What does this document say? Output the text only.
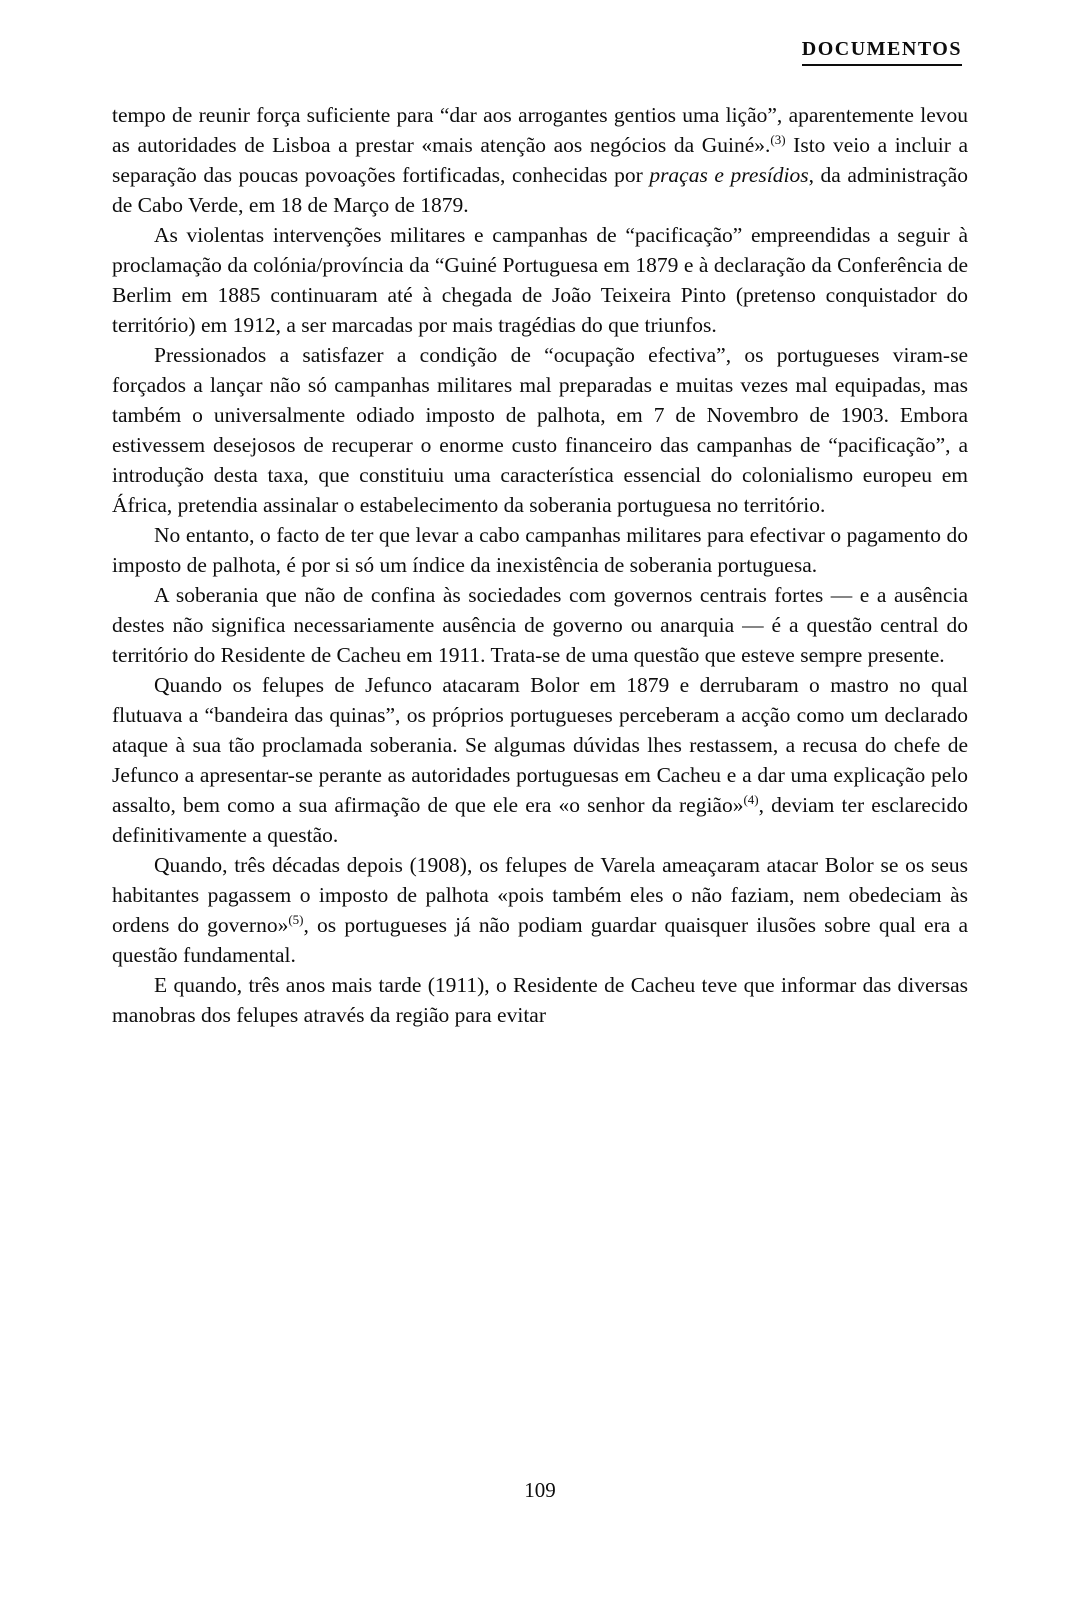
DOCUMENTOS

tempo de reunir força suficiente para “dar aos arrogantes gentios uma lição”, aparentemente levou as autoridades de Lisboa a prestar «mais atenção aos negócios da Guiné».$^{(3)}$ Isto veio a incluir a separação das poucas povoações fortificadas, conhecidas por praças e presídios, da administração de Cabo Verde, em 18 de Março de 1879.

As violentas intervenções militares e campanhas de “pacificação” empreendidas a seguir à proclamação da colónia/província da “Guiné Portuguesa em 1879 e à declaração da Conferência de Berlim em 1885 continuaram até à chegada de João Teixeira Pinto (pretenso conquistador do território) em 1912, a ser marcadas por mais tragédias do que triunfos.

Pressionados a satisfazer a condição de “ocupação efectiva”, os portugueses viram-se forçados a lançar não só campanhas militares mal preparadas e muitas vezes mal equipadas, mas também o universalmente odiado imposto de palhota, em 7 de Novembro de 1903. Embora estivessem desejosos de recuperar o enorme custo financeiro das campanhas de “pacificação”, a introdução desta taxa, que constituiu uma característica essencial do colonialismo europeu em África, pretendia assinalar o estabelecimento da soberania portuguesa no território.

No entanto, o facto de ter que levar a cabo campanhas militares para efectivar o pagamento do imposto de palhota, é por si só um índice da inexistência de soberania portuguesa.

A soberania que não de confina às sociedades com governos centrais fortes — e a ausência destes não significa necessariamente ausência de governo ou anarquia — é a questão central do território do Residente de Cacheu em 1911. Trata-se de uma questão que esteve sempre presente.

Quando os felupes de Jefunco atacaram Bolor em 1879 e derrubaram o mastro no qual flutuava a “bandeira das quinas”, os próprios portugueses perceberam a acção como um declarado ataque à sua tão proclamada soberania. Se algumas dúvidas lhes restassem, a recusa do chefe de Jefunco a apresentar-se perante as autoridades portuguesas em Cacheu e a dar uma explicação pelo assalto, bem como a sua afirmação de que ele era «o senhor da região»$^{(4)}$, deviam ter esclarecido definitivamente a questão.

Quando, três décadas depois (1908), os felupes de Varela ameaçaram atacar Bolor se os seus habitantes pagassem o imposto de palhota «pois também eles o não faziam, nem obedeciam às ordens do governo»$^{(5)}$, os portugueses já não podiam guardar quaisquer ilusões sobre qual era a questão fundamental.

E quando, três anos mais tarde (1911), o Residente de Cacheu teve que informar das diversas manobras dos felupes através da região para evitar

109
